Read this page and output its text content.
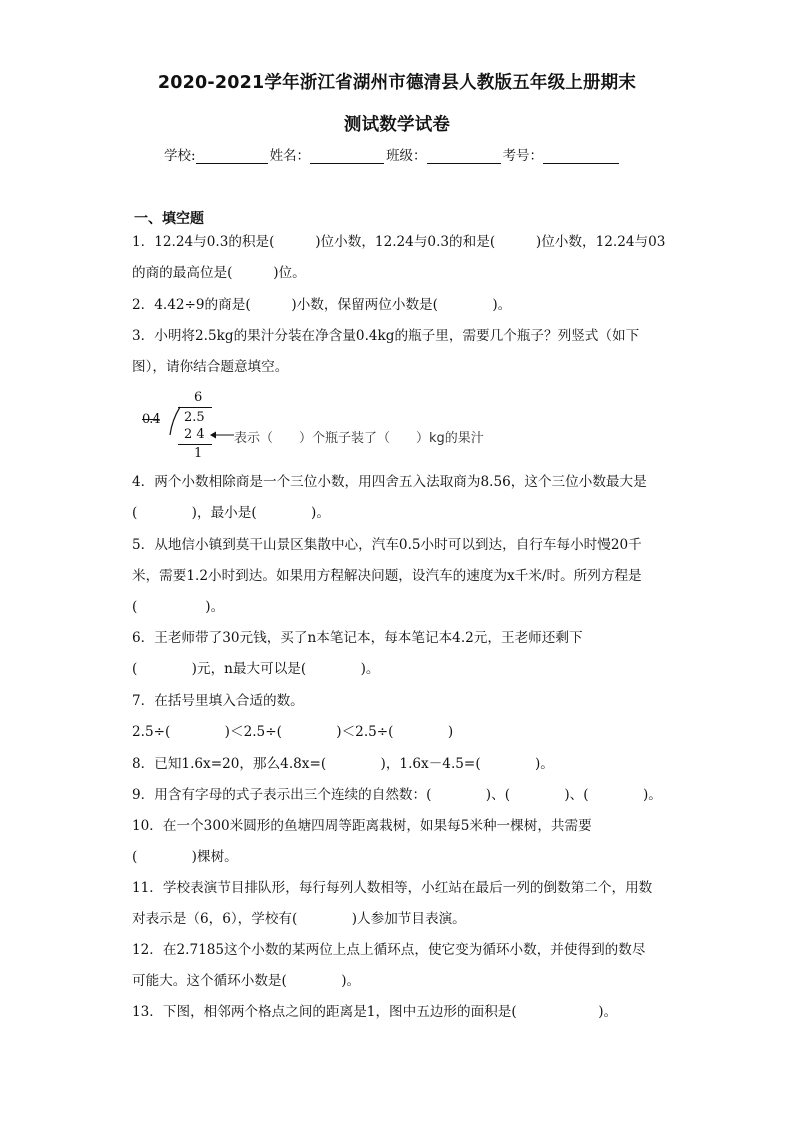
2020-2021学年浙江省湖州市德清县人教版五年级上册期末
测试数学试卷
学校:	姓名：	班级：	考号：
一、填空题
1．12.24与0.3的积是(　　　)位小数，12.24与0.3的和是(　　　)位小数，12.24与03
的商的最高位是(　　　)位。
2．4.42÷9的商是(　　　)小数，保留两位小数是(　　　　)。
3．小明将2.5kg的果汁分装在净含量0.4kg的瓶子里，需要几个瓶子？列竖式（如下
图），请你结合题意填空。
6
0.4 2.5
2 4 表示（　　）个瓶子装了（　　）kg的果汁
1
4．两个小数相除商是一个三位小数，用四舍五入法取商为8.56，这个三位小数最大是
(　　　　)，最小是(　　　　)。
5．从地信小镇到莫干山景区集散中心，汽车0.5小时可以到达，自行车每小时慢20千
米，需要1.2小时到达。如果用方程解决问题，设汽车的速度为x千米/时。所列方程是
(　　　　　)。
6．王老师带了30元钱，买了n本笔记本，每本笔记本4.2元，王老师还剩下
(　　　　)元，n最大可以是(　　　　)。
7．在括号里填入合适的数。
2.5÷(　　　　)＜2.5÷(　　　　)＜2.5÷(　　　　)
8．已知1.6x=20，那么4.8x=(　　　　)，1.6x－4.5=(　　　　)。
9．用含有字母的式子表示出三个连续的自然数：(　　　　)、(　　　　)、(　　　　)。
10．在一个300米圆形的鱼塘四周等距离栽树，如果每5米种一棵树，共需要
(　　　　)棵树。
11．学校表演节目排队形，每行每列人数相等，小红站在最后一列的倒数第二个，用数
对表示是（6，6），学校有(　　　　)人参加节目表演。
12．在2.7185这个小数的某两位上点上循环点，使它变为循环小数，并使得到的数尽
可能大。这个循环小数是(　　　　)。
13．下图，相邻两个格点之间的距离是1，图中五边形的面积是(　　　　　　)。
